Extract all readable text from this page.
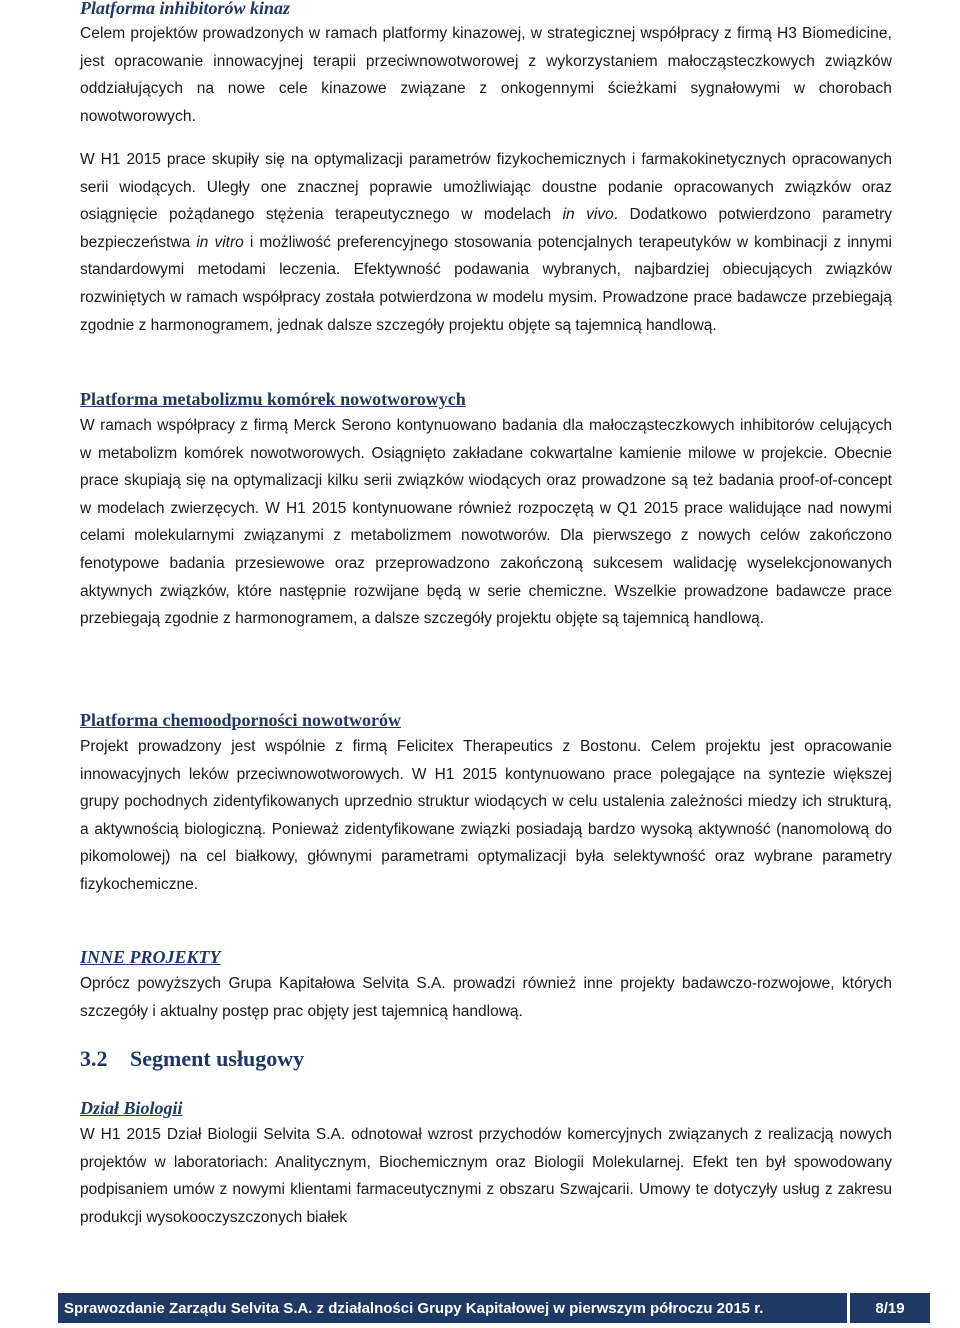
Platforma inhibitorów kinaz

Celem projektów prowadzonych w ramach platformy kinazowej, w strategicznej współpracy z firmą H3 Biomedicine, jest opracowanie innowacyjnej terapii przeciwnowotworowej z wykorzystaniem małocząsteczkowych związków oddziałujących na nowe cele kinazowe związane z onkogennymi ścieżkami sygnałowymi w chorobach nowotworowych.

W H1 2015 prace skupiły się na optymalizacji parametrów fizykochemicznych i farmakokinetycznych opracowanych serii wiodących. Uległy one znacznej poprawie umożliwiając doustne podanie opracowanych związków oraz osiągnięcie pożądanego stężenia terapeutycznego w modelach in vivo. Dodatkowo potwierdzono parametry bezpieczeństwa in vitro i możliwość preferencyjnego stosowania potencjalnych terapeutyków w kombinacji z innymi standardowymi metodami leczenia. Efektywność podawania wybranych, najbardziej obiecujących związków rozwiniętych w ramach współpracy została potwierdzona w modelu mysim. Prowadzone prace badawcze przebiegają zgodnie z harmonogramem, jednak dalsze szczegóły projektu objęte są tajemnicą handlową.

Platforma metabolizmu komórek nowotworowych

W ramach współpracy z firmą Merck Serono kontynuowano badania dla małocząsteczkowych inhibitorów celujących w metabolizm komórek nowotworowych. Osiągnięto zakładane cokwartalne kamienie milowe w projekcie. Obecnie prace skupiają się na optymalizacji kilku serii związków wiodących oraz prowadzone są też badania proof-of-concept w modelach zwierzęcych. W H1 2015 kontynuowane również rozpoczętą w Q1 2015 prace walidujące nad nowymi celami molekularnymi związanymi z metabolizmem nowotworów. Dla pierwszego z nowych celów zakończono fenotypowe badania przesiewowe oraz przeprowadzono zakończoną sukcesem walidację wyselekcjonowanych aktywnych związków, które następnie rozwijane będą w serie chemiczne. Wszelkie prowadzone badawcze prace przebiegają zgodnie z harmonogramem, a dalsze szczegóły projektu objęte są tajemnicą handlową.

Platforma chemoodporności nowotworów

Projekt prowadzony jest wspólnie z firmą Felicitex Therapeutics z Bostonu. Celem projektu jest opracowanie innowacyjnych leków przeciwnowotworowych. W H1 2015 kontynuowano prace polegające na syntezie większej grupy pochodnych zidentyfikowanych uprzednio struktur wiodących w celu ustalenia zależności miedzy ich strukturą, a aktywnością biologiczną. Ponieważ zidentyfikowane związki posiadają bardzo wysoką aktywność (nanomolową do pikomolowej) na cel białkowy, głównymi parametrami optymalizacji była selektywność oraz wybrane parametry fizykochemiczne.

INNE PROJEKTY

Oprócz powyższych Grupa Kapitałowa Selvita S.A. prowadzi również inne projekty badawczo-rozwojowe, których szczegóły i aktualny postęp prac objęty jest tajemnicą handlową.

3.2 Segment usługowy
Dział Biologii

W H1 2015 Dział Biologii Selvita S.A. odnotował wzrost przychodów komercyjnych związanych z realizacją nowych projektów w laboratoriach: Analitycznym, Biochemicznym oraz Biologii Molekularnej. Efekt ten był spowodowany podpisaniem umów z nowymi klientami farmaceutycznymi z obszaru Szwajcarii. Umowy te dotyczyły usług z zakresu produkcji wysokooczyszczonych białek

Sprawozdanie Zarządu Selvita S.A. z działalności Grupy Kapitałowej w pierwszym półroczu 2015 r.	8/19
